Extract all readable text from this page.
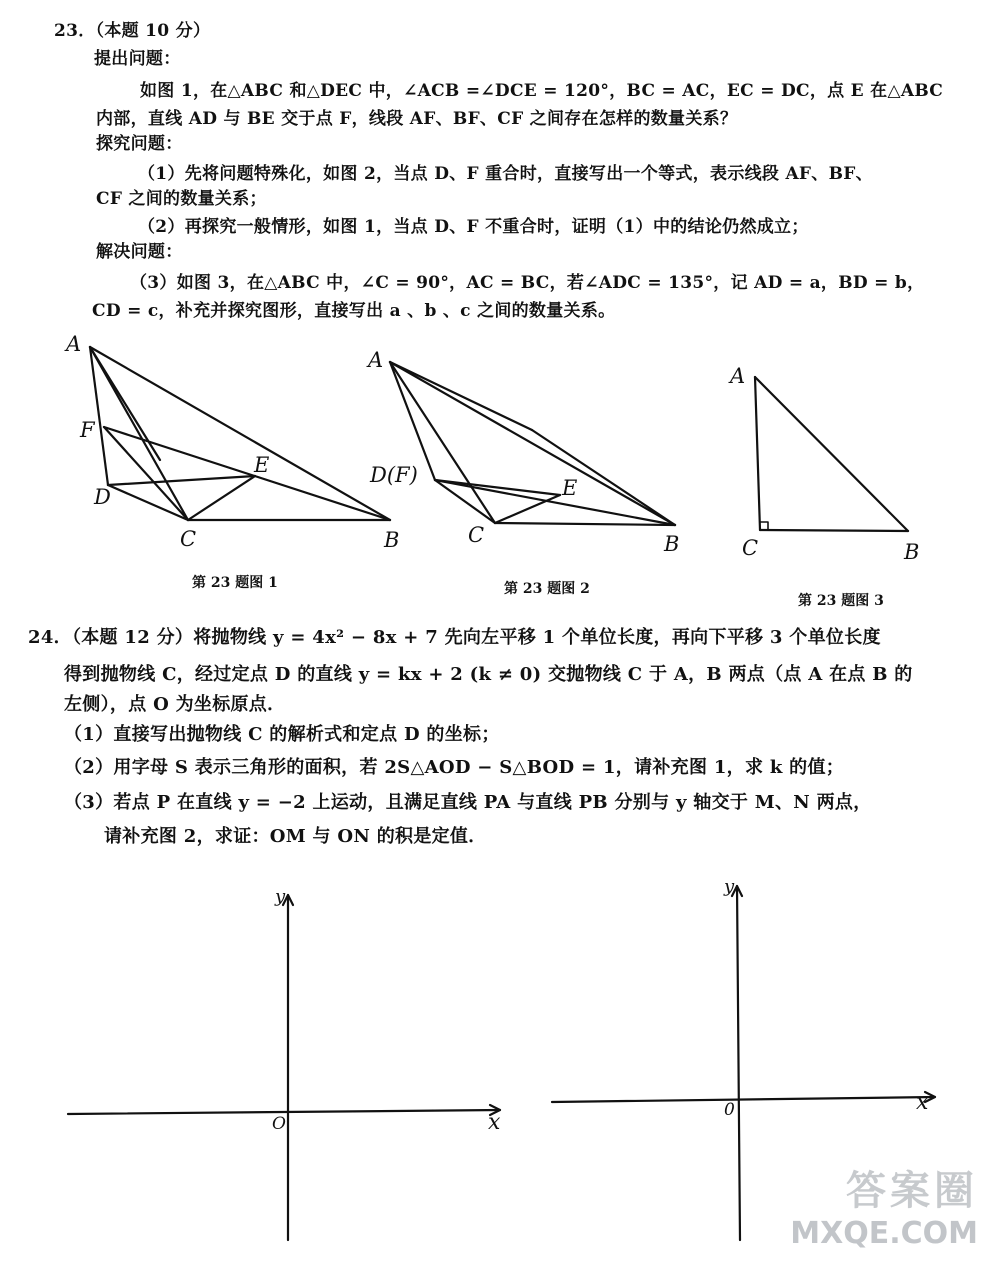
23．（本题 10 分）
提出问题：
如图 1，在△ABC 和△DEC 中，∠ACB =∠DCE = 120°，BC = AC，EC = DC，点 E 在△ABC
内部，直线 AD 与 BE 交于点 F，线段 AF、BF、CF 之间存在怎样的数量关系？
探究问题：
（1）先将问题特殊化，如图 2，当点 D、F 重合时，直接写出一个等式，表示线段 AF、BF、
CF 之间的数量关系；
（2）再探究一般情形，如图 1，当点 D、F 不重合时，证明（1）中的结论仍然成立；
解决问题：
（3）如图 3，在△ABC 中，∠C = 90°，AC = BC，若∠ADC = 135°，记 AD = a，BD = b，
CD = c，补充并探究图形，直接写出 a 、b 、c 之间的数量关系。
A
F
D
E
C	B
第 23 题图 1
A
D(F)
E
C	B
第 23 题图 2
A
C	B
第 23 题图 3
24．（本题 12 分）将抛物线 y = 4x² − 8x + 7 先向左平移 1 个单位长度，再向下平移 3 个单位长度
得到抛物线 C，经过定点 D 的直线 y = kx + 2 (k ≠ 0) 交抛物线 C 于 A，B 两点（点 A 在点 B 的
左侧），点 O 为坐标原点．
（1）直接写出抛物线 C 的解析式和定点 D 的坐标；
（2）用字母 S 表示三角形的面积，若 2S△AOD − S△BOD = 1，请补充图 1，求 k 的值；
（3）若点 P 在直线 y = −2 上运动，且满足直线 PA 与直线 PB 分别与 y 轴交于 M、N 两点，
请补充图 2，求证：OM 与 ON 的积是定值．
y
x
O
y
x
0
答案圈
MXQE.COM
